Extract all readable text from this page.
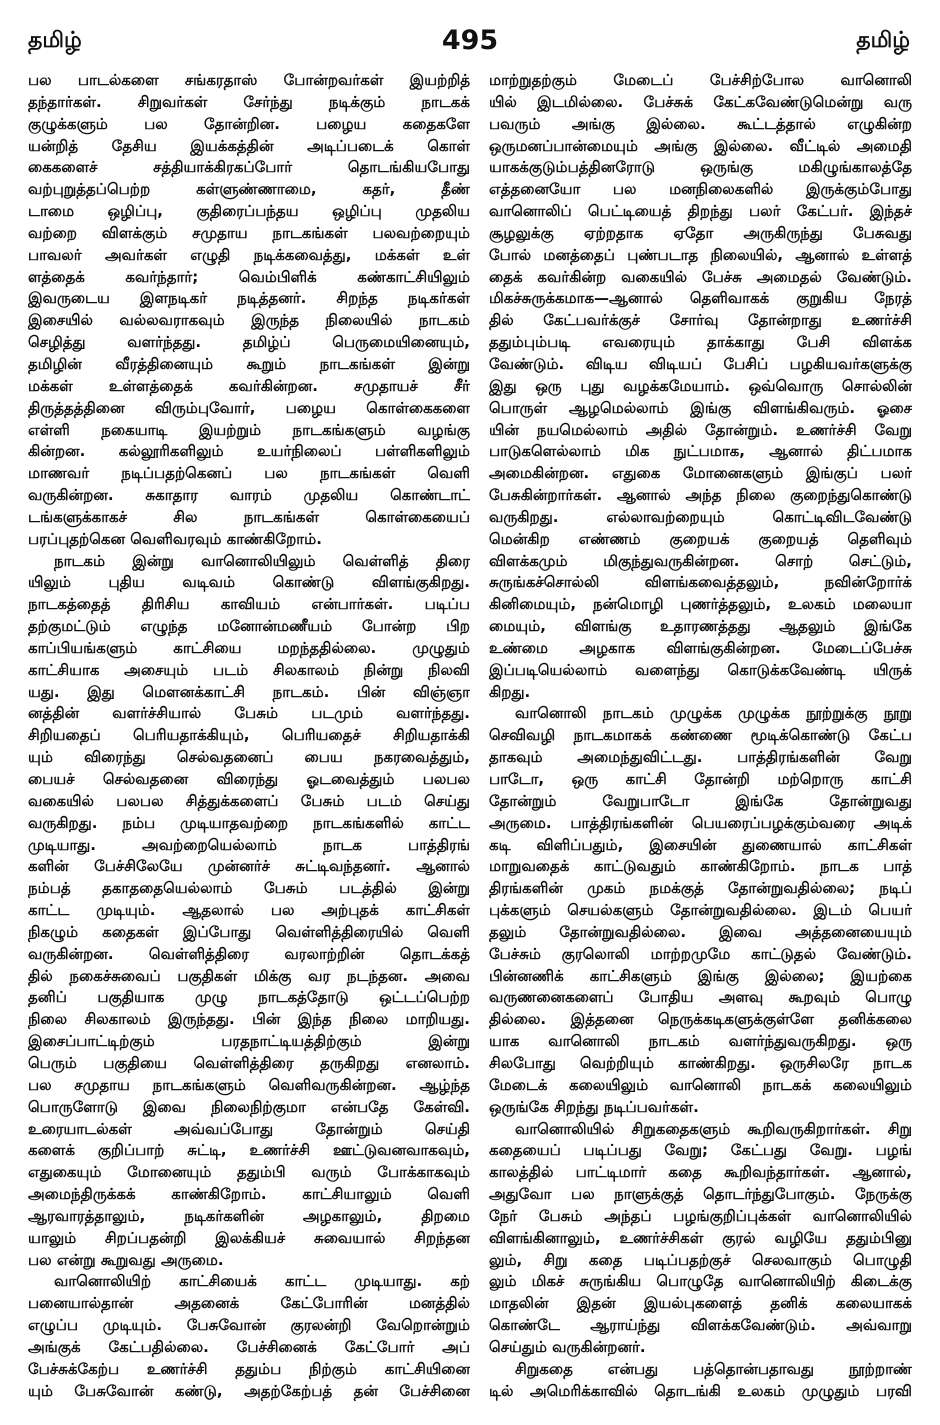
தமிழ்	495	தமிழ்
பல பாடல்களை சங்கரதாஸ் போன்றவர்கள் இயற்றித்
தந்தார்கள். சிறுவர்கள் சேர்ந்து நடிக்கும் நாடகக்
குழுக்களும் பல தோன்றின. பழைய கதைகளே
யன்றித் தேசிய இயக்கத்தின் அடிப்படைக் கொள்
கைகளைச் சத்தியாக்கிரகப்போர் தொடங்கியபோது
வற்புறுத்தப்பெற்ற கள்ளுண்ணாமை, கதர், தீண்
டாமை ஒழிப்பு, குதிரைப்பந்தய ஒழிப்பு முதலிய
வற்றை விளக்கும் சமுதாய நாடகங்கள் பலவற்றையும்
பாவலர் அவர்கள் எழுதி நடிக்கவைத்து, மக்கள் உள்
ளத்தைக் கவர்ந்தார்; வெம்பிளிக் கண்காட்சியிலும்
இவருடைய இளநடிகர் நடித்தனர். சிறந்த நடிகர்கள்
இசையில் வல்லவராகவும் இருந்த நிலையில் நாடகம்
செழித்து வளர்ந்தது. தமிழ்ப் பெருமையினையும்,
தமிழின் வீரத்தினையும் கூறும் நாடகங்கள் இன்று
மக்கள் உள்ளத்தைக் கவர்கின்றன. சமுதாயச் சீர்
திருத்தத்தினை விரும்புவோர், பழைய கொள்கைகளை
எள்ளி நகையாடி இயற்றும் நாடகங்களும் வழங்கு
கின்றன. கல்லூரிகளிலும் உயர்நிலைப் பள்ளிகளிலும்
மாணவர் நடிப்பதற்கெனப் பல நாடகங்கள் வெளி
வருகின்றன. சுகாதார வாரம் முதலிய கொண்டாட்
டங்களுக்காகச் சில நாடகங்கள் கொள்கையைப்
பரப்புதற்கென வெளிவரவும் காண்கிறோம்.
நாடகம் இன்று வானொலியிலும் வெள்ளித் திரை
யிலும் புதிய வடிவம் கொண்டு விளங்குகிறது.
நாடகத்தைத் திரிசிய காவியம் என்பார்கள். படிப்ப
தற்குமட்டும் எழுந்த மனோன்மணீயம் போன்ற பிற
காப்பியங்களும் காட்சியை மறந்ததில்லை. முழுதும்
காட்சியாக அசையும் படம் சிலகாலம் நின்று நிலவி
யது. இது மௌனக்காட்சி நாடகம். பின் விஞ்ஞா
னத்தின் வளர்ச்சியால் பேசும் படமும் வளர்ந்தது.
சிறியதைப் பெரியதாக்கியும், பெரியதைச் சிறியதாக்கி
யும் விரைந்து செல்வதனைப் பைய நகரவைத்தும்,
பையச் செல்வதனை விரைந்து ஓடவைத்தும் பலபல
வகையில் பலபல சித்துக்களைப் பேசும் படம் செய்து
வருகிறது. நம்ப முடியாதவற்றை நாடகங்களில் காட்ட
முடியாது. அவற்றையெல்லாம் நாடக பாத்திரங்
களின் பேச்சிலேயே முன்னர்ச் சுட்டிவந்தனர். ஆனால்
நம்பத் தகாததையெல்லாம் பேசும் படத்தில் இன்று
காட்ட முடியும். ஆதலால் பல அற்புதக் காட்சிகள்
நிகழும் கதைகள் இப்போது வெள்ளித்திரையில் வெளி
வருகின்றன. வெள்ளித்திரை வரலாற்றின் தொடக்கத்
தில் நகைச்சுவைப் பகுதிகள் மிக்கு வர நடந்தன. அவை
தனிப் பகுதியாக முழு நாடகத்தோடு ஒட்டப்பெற்ற
நிலை சிலகாலம் இருந்தது. பின் இந்த நிலை மாறியது.
இசைப்பாட்டிற்கும் பரதநாட்டியத்திற்கும் இன்று
பெரும் பகுதியை வெள்ளித்திரை தருகிறது எனலாம்.
பல சமுதாய நாடகங்களும் வெளிவருகின்றன. ஆழ்ந்த
பொருளோடு இவை நிலைநிற்குமா என்பதே கேள்வி.
உரையாடல்கள் அவ்வப்போது தோன்றும் செய்தி
களைக் குறிப்பாற் சுட்டி, உணர்ச்சி ஊட்டுவனவாகவும்,
எதுகையும் மோனையும் ததும்பி வரும் போக்காகவும்
அமைந்திருக்கக் காண்கிறோம். காட்சியாலும் வெளி
ஆரவாரத்தாலும், நடிகர்களின் அழகாலும், திறமை
யாலும் சிறப்பதன்றி இலக்கியச் சுவையால் சிறந்தன
பல என்று கூறுவது அருமை.
வானொலியிற் காட்சியைக் காட்ட முடியாது. கற்
பனையால்தான் அதனைக் கேட்போரின் மனத்தில்
எழுப்ப முடியும். பேசுவோன் குரலன்றி வேறொன்றும்
அங்குக் கேட்பதில்லை. பேச்சினைக் கேட்போர் அப்
பேச்சுக்கேற்ப உணர்ச்சி ததும்ப நிற்கும் காட்சியினை
யும் பேசுவோன் கண்டு, அதற்கேற்பத் தன் பேச்சினை
மாற்றுதற்கும் மேடைப் பேச்சிற்போல வானொலி
யில் இடமில்லை. பேச்சுக் கேட்கவேண்டுமென்று வரு
பவரும் அங்கு இல்லை. கூட்டத்தால் எழுகின்ற
ஒருமனப்பான்மையும் அங்கு இல்லை. வீட்டில் அமைதி
யாகக்குடும்பத்தினரோடு ஒருங்கு மகிழுங்காலத்தே
எத்தனையோ பல மனநிலைகளில் இருக்கும்போது
வானொலிப் பெட்டியைத் திறந்து பலர் கேட்பர். இந்தச்
சூழலுக்கு ஏற்றதாக ஏதோ அருகிருந்து பேசுவது
போல் மனத்தைப் புண்படாத நிலையில், ஆனால் உள்ளத்
தைக் கவர்கின்ற வகையில் பேச்சு அமைதல் வேண்டும்.
மிகச்சுருக்கமாக—ஆனால் தெளிவாகக் குறுகிய நேரத்
தில் கேட்பவர்க்குச் சோர்வு தோன்றாது உணர்ச்சி
ததும்பும்படி எவரையும் தாக்காது பேசி விளக்க
வேண்டும். விடிய விடியப் பேசிப் பழகியவர்களுக்கு
இது ஒரு புது வழக்கமேயாம். ஒவ்வொரு சொல்லின்
பொருள் ஆழமெல்லாம் இங்கு விளங்கிவரும். ஓசை
யின் நயமெல்லாம் அதில் தோன்றும். உணர்ச்சி வேறு
பாடுகளெல்லாம் மிக நுட்பமாக, ஆனால் திட்பமாக
அமைகின்றன. எதுகை மோனைகளும் இங்குப் பலர்
பேசுகின்றார்கள். ஆனால் அந்த நிலை குறைந்துகொண்டு
வருகிறது. எல்லாவற்றையும் கொட்டிவிடவேண்டு
மென்கிற எண்ணம் குறையக் குறையத் தெளிவும்
விளக்கமும் மிகுந்துவருகின்றன. சொற் செட்டும்,
சுருங்கச்சொல்லி விளங்கவைத்தலும், நவின்றோர்க்
கினிமையும், நன்மொழி புணர்த்தலும், உலகம் மலையா
மையும், விளங்கு உதாரணத்தது ஆதலும் இங்கே
உண்மை அழகாக விளங்குகின்றன. மேடைப்பேச்சு
இப்படியெல்லாம் வளைந்து கொடுக்கவேண்டி யிருக்
கிறது.
வானொலி நாடகம் முழுக்க முழுக்க நூற்றுக்கு நூறு
செவிவழி நாடகமாகக் கண்ணை மூடிக்கொண்டு கேட்ப
தாகவும் அமைந்துவிட்டது. பாத்திரங்களின் வேறு
பாடோ, ஒரு காட்சி தோன்றி மற்றொரு காட்சி
தோன்றும் வேறுபாடோ இங்கே தோன்றுவது
அருமை. பாத்திரங்களின் பெயரைப்பழக்கும்வரை அடிக்
கடி விளிப்பதும், இசையின் துணையால் காட்சிகள்
மாறுவதைக் காட்டுவதும் காண்கிறோம். நாடக பாத்
திரங்களின் முகம் நமக்குத் தோன்றுவதில்லை; நடிப்
புக்களும் செயல்களும் தோன்றுவதில்லை. இடம் பெயர்
தலும் தோன்றுவதில்லை. இவை அத்தனையையும்
பேச்சும் குரலொலி மாற்றமுமே காட்டுதல் வேண்டும்.
பின்னணிக் காட்சிகளும் இங்கு இல்லை; இயற்கை
வருணனைகளைப் போதிய அளவு கூறவும் பொழு
தில்லை. இத்தனை நெருக்கடிகளுக்குள்ளே தனிக்கலை
யாக வானொலி நாடகம் வளர்ந்துவருகிறது. ஒரு
சிலபோது வெற்றியும் காண்கிறது. ஒருசிலரே நாடக
மேடைக் கலையிலும் வானொலி நாடகக் கலையிலும்
ஒருங்கே சிறந்து நடிப்பவர்கள்.
வானொலியில் சிறுகதைகளும் கூறிவருகிறார்கள். சிறு
கதையைப் படிப்பது வேறு; கேட்பது வேறு. பழங்
காலத்தில் பாட்டிமார் கதை கூறிவந்தார்கள். ஆனால்,
அதுவோ பல நாளுக்குத் தொடர்ந்துபோகும். நேருக்கு
நேர் பேசும் அந்தப் பழங்குறிப்புக்கள் வானொலியில்
விளங்கினாலும், உணர்ச்சிகள் குரல் வழியே ததும்பினு
லும், சிறு கதை படிப்பதற்குச் செலவாகும் பொழுதி
லும் மிகச் சுருங்கிய பொழுதே வானொலியிற் கிடைக்கு
மாதலின் இதன் இயல்புகளைத் தனிக் கலையாகக்
கொண்டே ஆராய்ந்து விளக்கவேண்டும். அவ்வாறு
செய்தும் வருகின்றனர்.
சிறுகதை என்பது பத்தொன்பதாவது நூற்றாண்
டில் அமெரிக்காவில் தொடங்கி உலகம் முழுதும் பரவி
